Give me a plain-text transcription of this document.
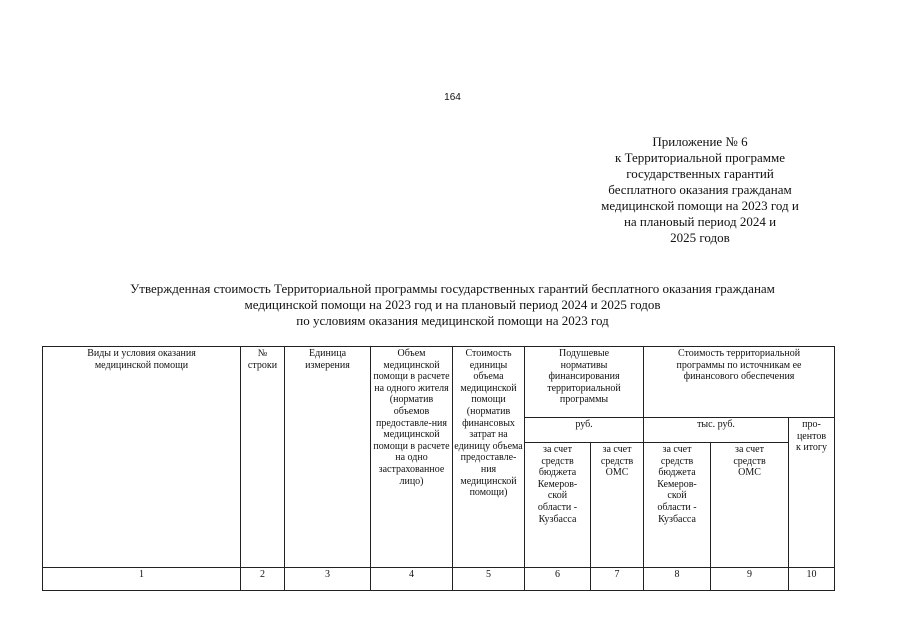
164
Приложение № 6
к Территориальной программе
государственных гарантий
бесплатного оказания гражданам
медицинской помощи на 2023 год и
на плановый период 2024 и
2025 годов
Утвержденная стоимость Территориальной программы государственных гарантий бесплатного оказания гражданам
медицинской помощи на 2023 год и на плановый период 2024 и 2025 годов
по условиям оказания медицинской помощи на 2023 год
Виды и условия оказания медицинской помощи	№ строки	Единица измерения	Объем медицинской помощи в расчете на одного жителя (норматив объемов предоставле-ния медицинской помощи в расчете на одно застрахованное лицо)	Стоимость единицы объема медицинской помощи (норматив финансовых затрат на единицу объема предоставле-ния медицинской помощи)	Подушевые нормативы финансирования территориальной программы		Стоимость территориальной программы по источникам ее финансового обеспечения		
					руб.		тыс. руб.		про-центов к итогу
					за счет средств бюджета Кемеров-ской области - Кузбасса	за счет средств ОМС	за счет средств бюджета Кемеров-ской области - Кузбасса	за счет средств ОМС	
1	2	3	4	5	6	7	8	9	10
